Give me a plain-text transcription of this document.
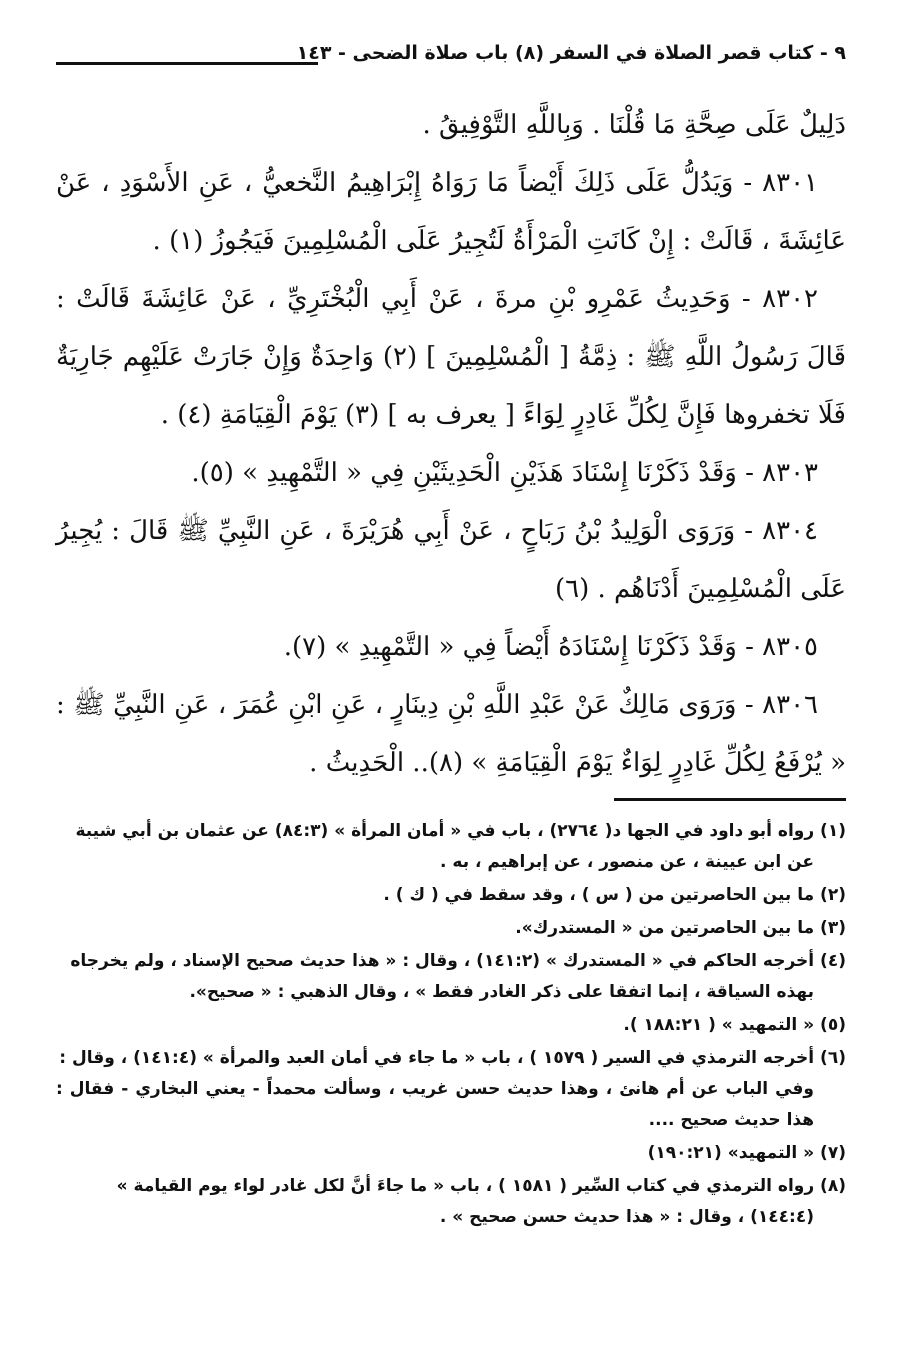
٩ - كتاب قصر الصلاة في السفر (٨) باب صلاة الضحى - ١٤٣

دَلِيلٌ عَلَى صِحَّةِ مَا قُلْنَا . وَبِاللَّهِ التَّوْفِيقُ .

٨٣٠١ - وَيَدُلُّ عَلَى ذَلِكَ أَيْضاً مَا رَوَاهُ إِبْرَاهِيمُ النَّخعيُّ ، عَنِ الأَسْوَدِ ، عَنْ عَائِشَةَ ، قَالَتْ : إِنْ كَانَتِ الْمَرْأَةُ لَتُجِيرُ عَلَى الْمُسْلِمِينَ فَيَجُوزُ (١) .

٨٣٠٢ - وَحَدِيثُ عَمْرِو بْنِ مرةَ ، عَنْ أَبِي الْبُخْتَرِيِّ ، عَنْ عَائِشَةَ قَالَتْ : قَالَ رَسُولُ اللَّهِ ﷺ : ذِمَّةُ [ الْمُسْلِمِينَ ] (٢) وَاحِدَةٌ وَإِنْ جَارَتْ عَلَيْهِم جَارِيَةٌ فَلَا تخفروها فَإِنَّ لِكُلِّ غَادِرٍ لِوَاءً [ يعرف به ] (٣) يَوْمَ الْقِيَامَةِ (٤) .

٨٣٠٣ - وَقَدْ ذَكَرْنَا إِسْنَادَ هَذَيْنِ الْحَدِيثَيْنِ فِي « التَّمْهِيدِ » (٥).

٨٣٠٤ - وَرَوَى الْوَلِيدُ بْنُ رَبَاحٍ ، عَنْ أَبِي هُرَيْرَةَ ، عَنِ النَّبِيِّ ﷺ قَالَ : يُجِيرُ عَلَى الْمُسْلِمِينَ أَدْنَاهُم . (٦)

٨٣٠٥ - وَقَدْ ذَكَرْنَا إِسْنَادَهُ أَيْضاً فِي « التَّمْهِيدِ » (٧).

٨٣٠٦ - وَرَوَى مَالِكٌ عَنْ عَبْدِ اللَّهِ بْنِ دِينَارٍ ، عَنِ ابْنِ عُمَرَ ، عَنِ النَّبِيِّ ﷺ : « يُرْفَعُ لِكُلِّ غَادِرٍ لِوَاءٌ يَوْمَ الْقِيَامَةِ » (٨).. الْحَدِيثُ .

(١) رواه أبو داود في الجها د( ٢٧٦٤) ، باب في « أمان المرأة » (٨٤:٣) عن عثمان بن أبي شيبة
عن ابن عيينة ، عن منصور ، عن إبراهيم ، به .

(٢) ما بين الحاصرتين من ( س ) ، وقد سقط في ( ك ) .

(٣) ما بين الحاصرتين من « المستدرك».

(٤) أخرجه الحاكم في « المستدرك » (١٤١:٢) ، وقال : « هذا حديث صحيح الإسناد ، ولم يخرجاه
بهذه السياقة ، إنما اتفقا على ذكر الغادر فقط » ، وقال الذهبي : « صحيح».

(٥) « التمهيد » ( ١٨٨:٢١ ).

(٦) أخرجه الترمذي في السير ( ١٥٧٩ ) ، باب « ما جاء في أمان العبد والمرأة » (١٤١:٤) ، وقال :
وفي الباب عن أم هانئ ، وهذا حديث حسن غريب ، وسألت محمداً - يعني البخاري - فقال : هذا حديث صحيح ....

(٧) « التمهيد» (١٩٠:٢١)

(٨) رواه الترمذي في كتاب السِّير ( ١٥٨١ ) ، باب « ما جاءَ أنَّ لكل غادر لواء يوم القيامة »
(١٤٤:٤) ، وقال : « هذا حديث حسن صحيح » .
